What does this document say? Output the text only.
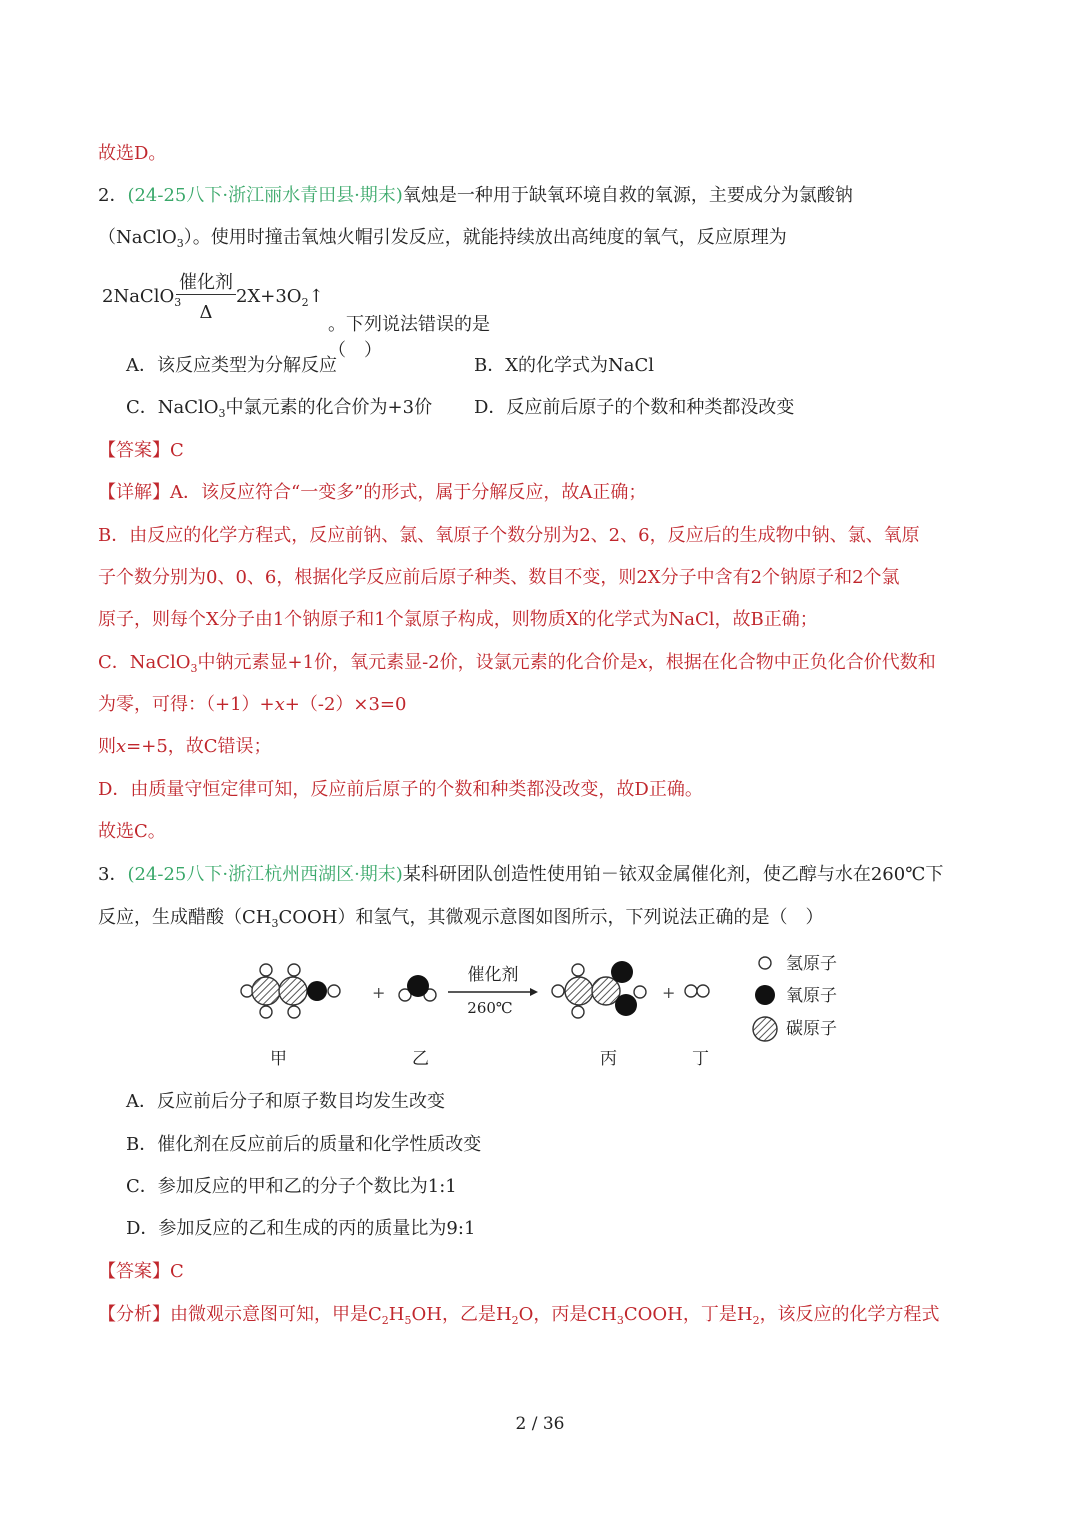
故选D。
2．(24-25八下·浙江丽水青田县·期末)氧烛是一种用于缺氧环境自救的氧源，主要成分为氯酸钠
（NaClO$_3$）。使用时撞击氧烛火帽引发反应，就能持续放出高纯度的氧气，反应原理为
2NaClO$_3$
催化剂
Δ
$2X+3O_2↑$
。下列说法错误的是（　）
A．该反应类型为分解反应	B．X的化学式为NaCl
C．NaClO$_3$中氯元素的化合价为+3价 D．反应前后原子的个数和种类都没改变
【答案】C
【详解】A．该反应符合“一变多”的形式，属于分解反应，故A正确；
B．由反应的化学方程式，反应前钠、氯、氧原子个数分别为2、2、6，反应后的生成物中钠、氯、氧原
子个数分别为0、0、6，根据化学反应前后原子种类、数目不变，则2X分子中含有2个钠原子和2个氯
原子，则每个X分子由1个钠原子和1个氯原子构成，则物质X的化学式为NaCl，故B正确；
C．NaClO$_3$中钠元素显+1价，氧元素显-2价，设氯元素的化合价是x，根据在化合物中正负化合价代数和
为零，可得：（+1）+x+（-2）×3=0
则x=+5，故C错误；
D．由质量守恒定律可知，反应前后原子的个数和种类都没改变，故D正确。
故选C。
3．(24-25八下·浙江杭州西湖区·期末)某科研团队创造性使用铂－铱双金属催化剂，使乙醇与水在260℃下
反应，生成醋酸$(CH_3COOH)$和氢气，其微观示意图如图所示，下列说法正确的是（　）
+
催化剂
260℃
+
氢原子
氧原子
碳原子
甲	乙	丙	丁
A．反应前后分子和原子数目均发生改变
B．催化剂在反应前后的质量和化学性质改变
C．参加反应的甲和乙的分子个数比为1:1
D．参加反应的乙和生成的丙的质量比为9:1
【答案】C
【分析】由微观示意图可知，甲是$C_2H_5OH$，乙是$H_2O$，丙是$CH_3COOH$，丁是$H_2$，该反应的化学方程式
2 / 36
